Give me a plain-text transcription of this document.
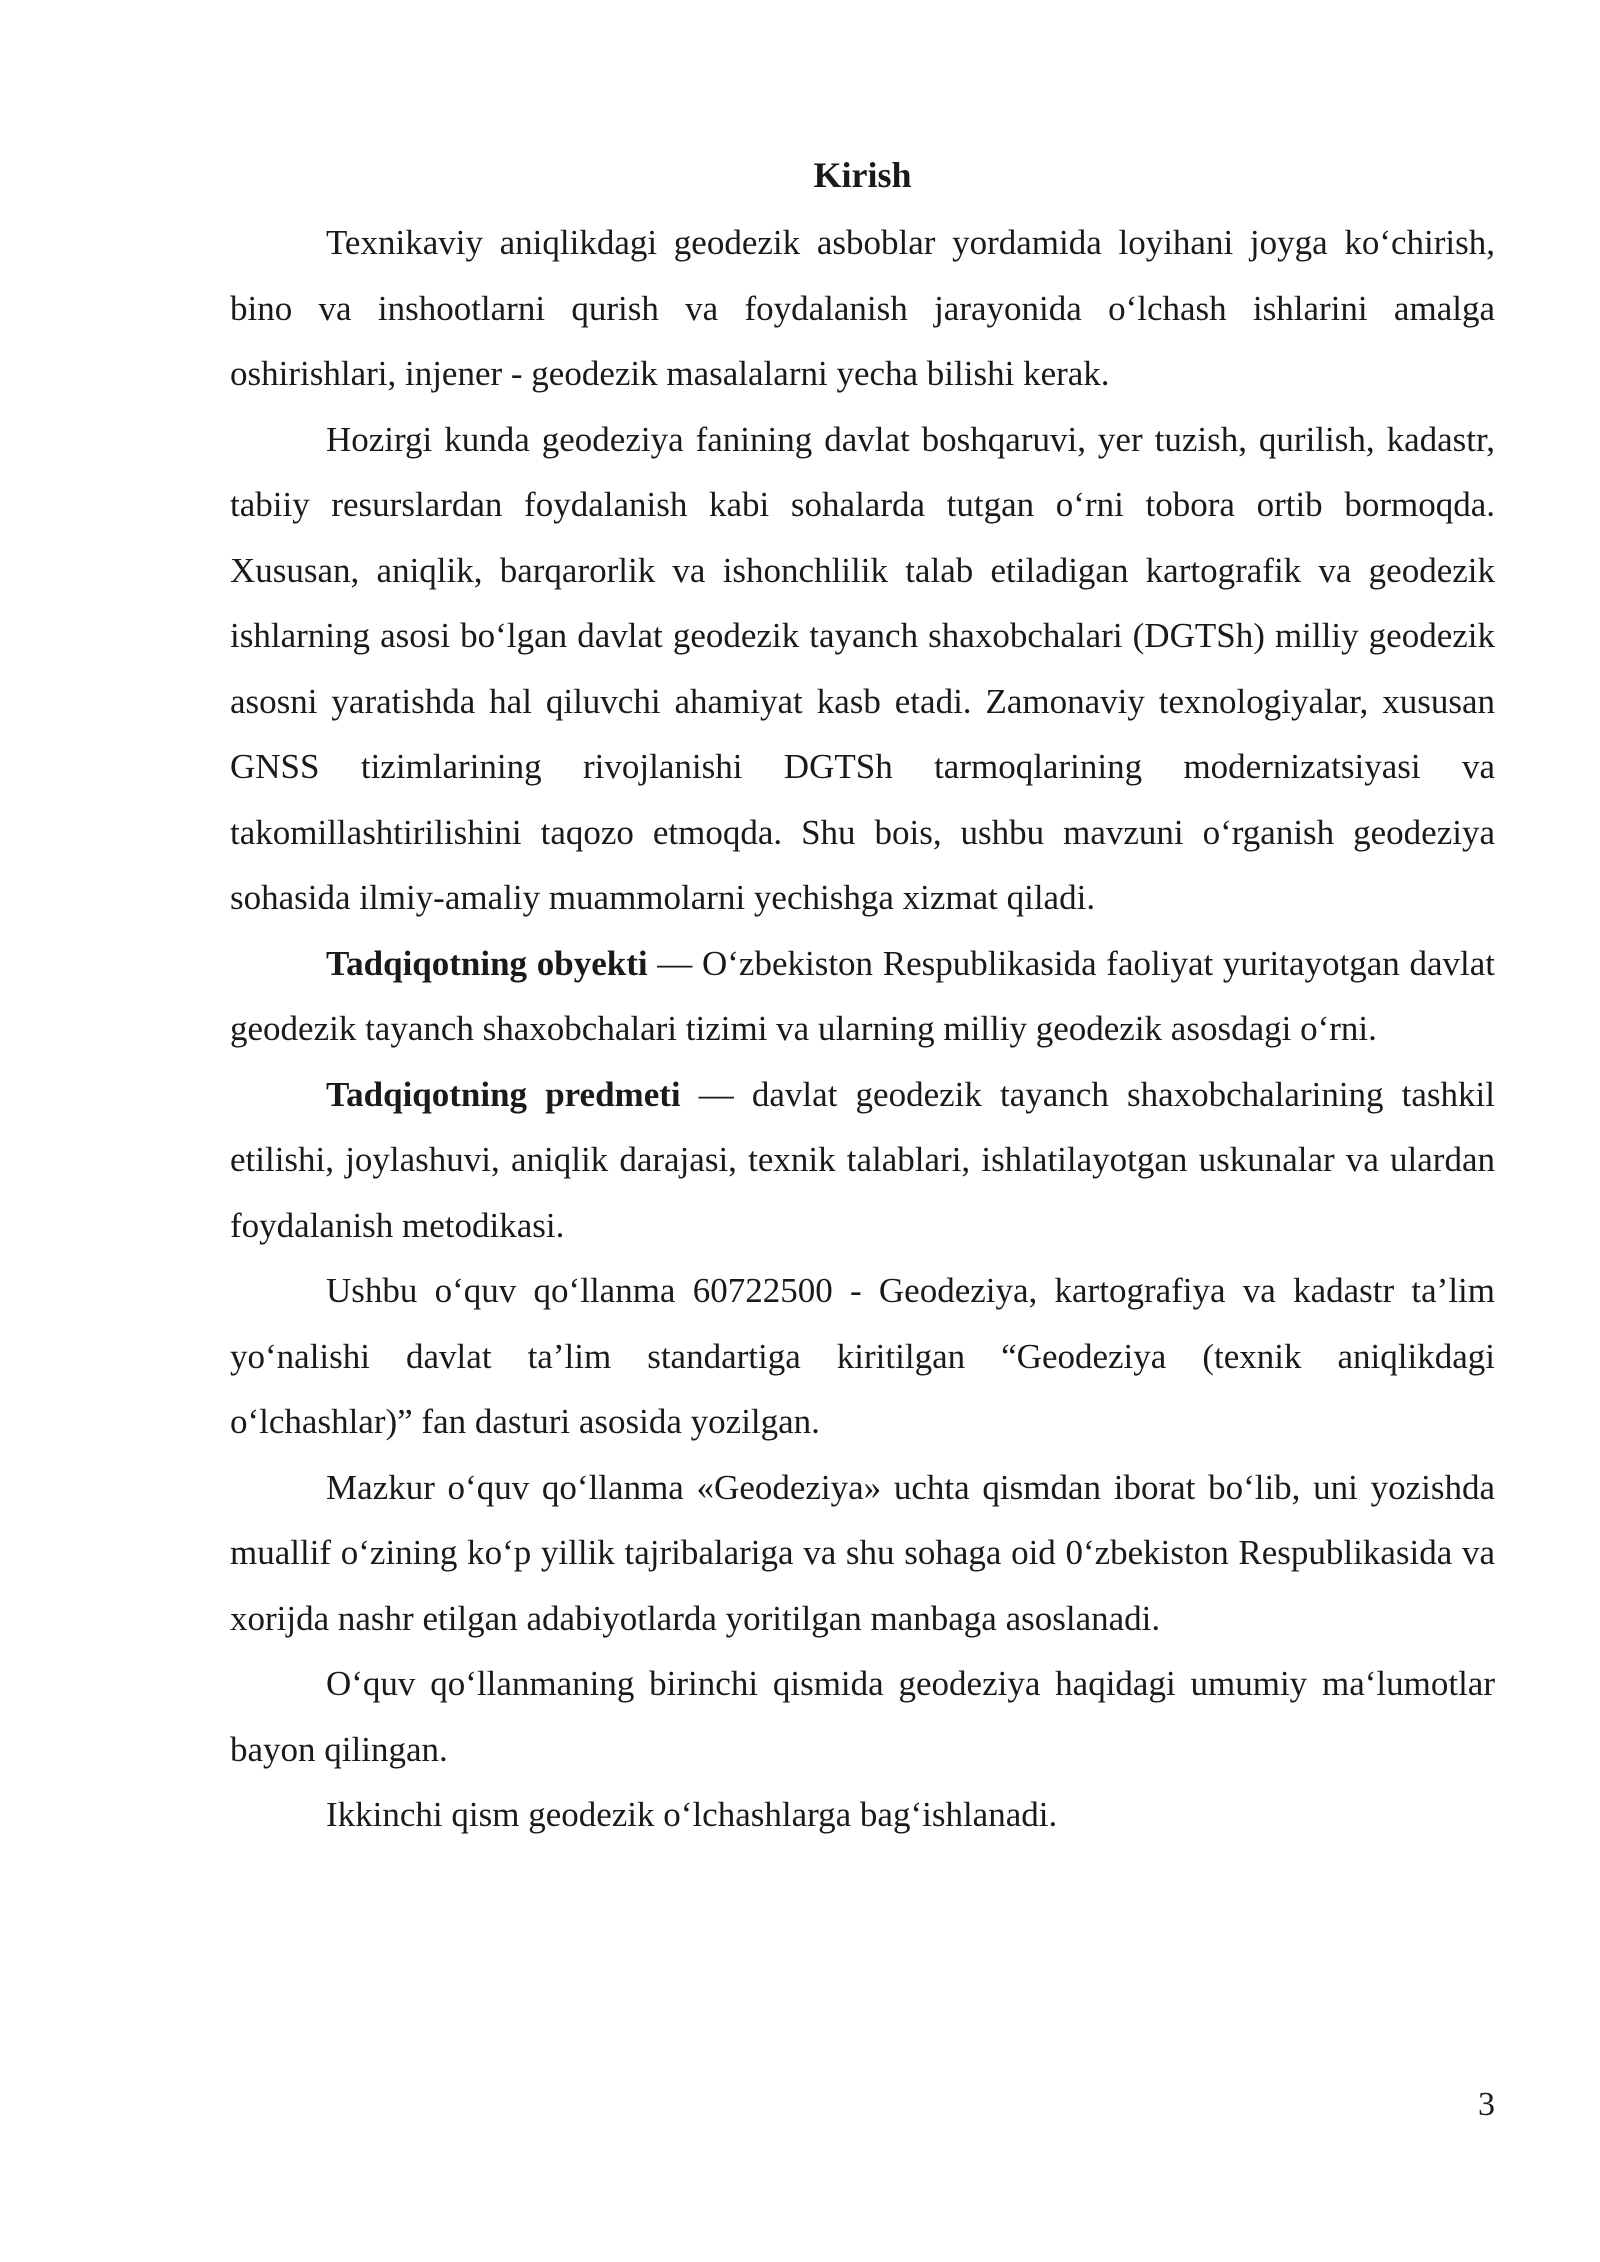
Kirish

Texnikaviy aniqlikdagi geodezik asboblar yordamida loyihani joyga ko‘chirish, bino va inshootlarni qurish va foydalanish jarayonida o‘lchash ishlarini amalga oshirishlari, injener - geodezik masalalarni yecha bilishi kerak.

Hozirgi kunda geodeziya fanining davlat boshqaruvi, yer tuzish, qurilish, kadastr, tabiiy resurslardan foydalanish kabi sohalarda tutgan o‘rni tobora ortib bormoqda. Xususan, aniqlik, barqarorlik va ishonchlilik talab etiladigan kartografik va geodezik ishlarning asosi bo‘lgan davlat geodezik tayanch shaxobchalari (DGTSh) milliy geodezik asosni yaratishda hal qiluvchi ahamiyat kasb etadi. Zamonaviy texnologiyalar, xususan GNSS tizimlarining rivojlanishi DGTSh tarmoqlarining modernizatsiyasi va takomillashtirilishini taqozo etmoqda. Shu bois, ushbu mavzuni o‘rganish geodeziya sohasida ilmiy-amaliy muammolarni yechishga xizmat qiladi.

Tadqiqotning obyekti — O‘zbekiston Respublikasida faoliyat yuritayotgan davlat geodezik tayanch shaxobchalari tizimi va ularning milliy geodezik asosdagi o‘rni.

Tadqiqotning predmeti — davlat geodezik tayanch shaxobchalarining tashkil etilishi, joylashuvi, aniqlik darajasi, texnik talablari, ishlatilayotgan uskunalar va ulardan foydalanish metodikasi.

Ushbu o‘quv qo‘llanma 60722500 - Geodeziya, kartografiya va kadastr ta’lim yo‘nalishi davlat ta’lim standartiga kiritilgan “Geodeziya (texnik aniqlikdagi o‘lchashlar)” fan dasturi asosida yozilgan.

Mazkur o‘quv qo‘llanma «Geodeziya» uchta qismdan iborat bo‘lib, uni yozishda muallif o‘zining ko‘p yillik tajribalariga va shu sohaga oid 0‘zbekiston Respublikasida va xorijda nashr etilgan adabiyotlarda yoritilgan manbaga asoslanadi.

O‘quv qo‘llanmaning birinchi qismida geodeziya haqidagi umumiy ma‘lumotlar bayon qilingan.

Ikkinchi qism geodezik o‘lchashlarga bag‘ishlanadi.

3
